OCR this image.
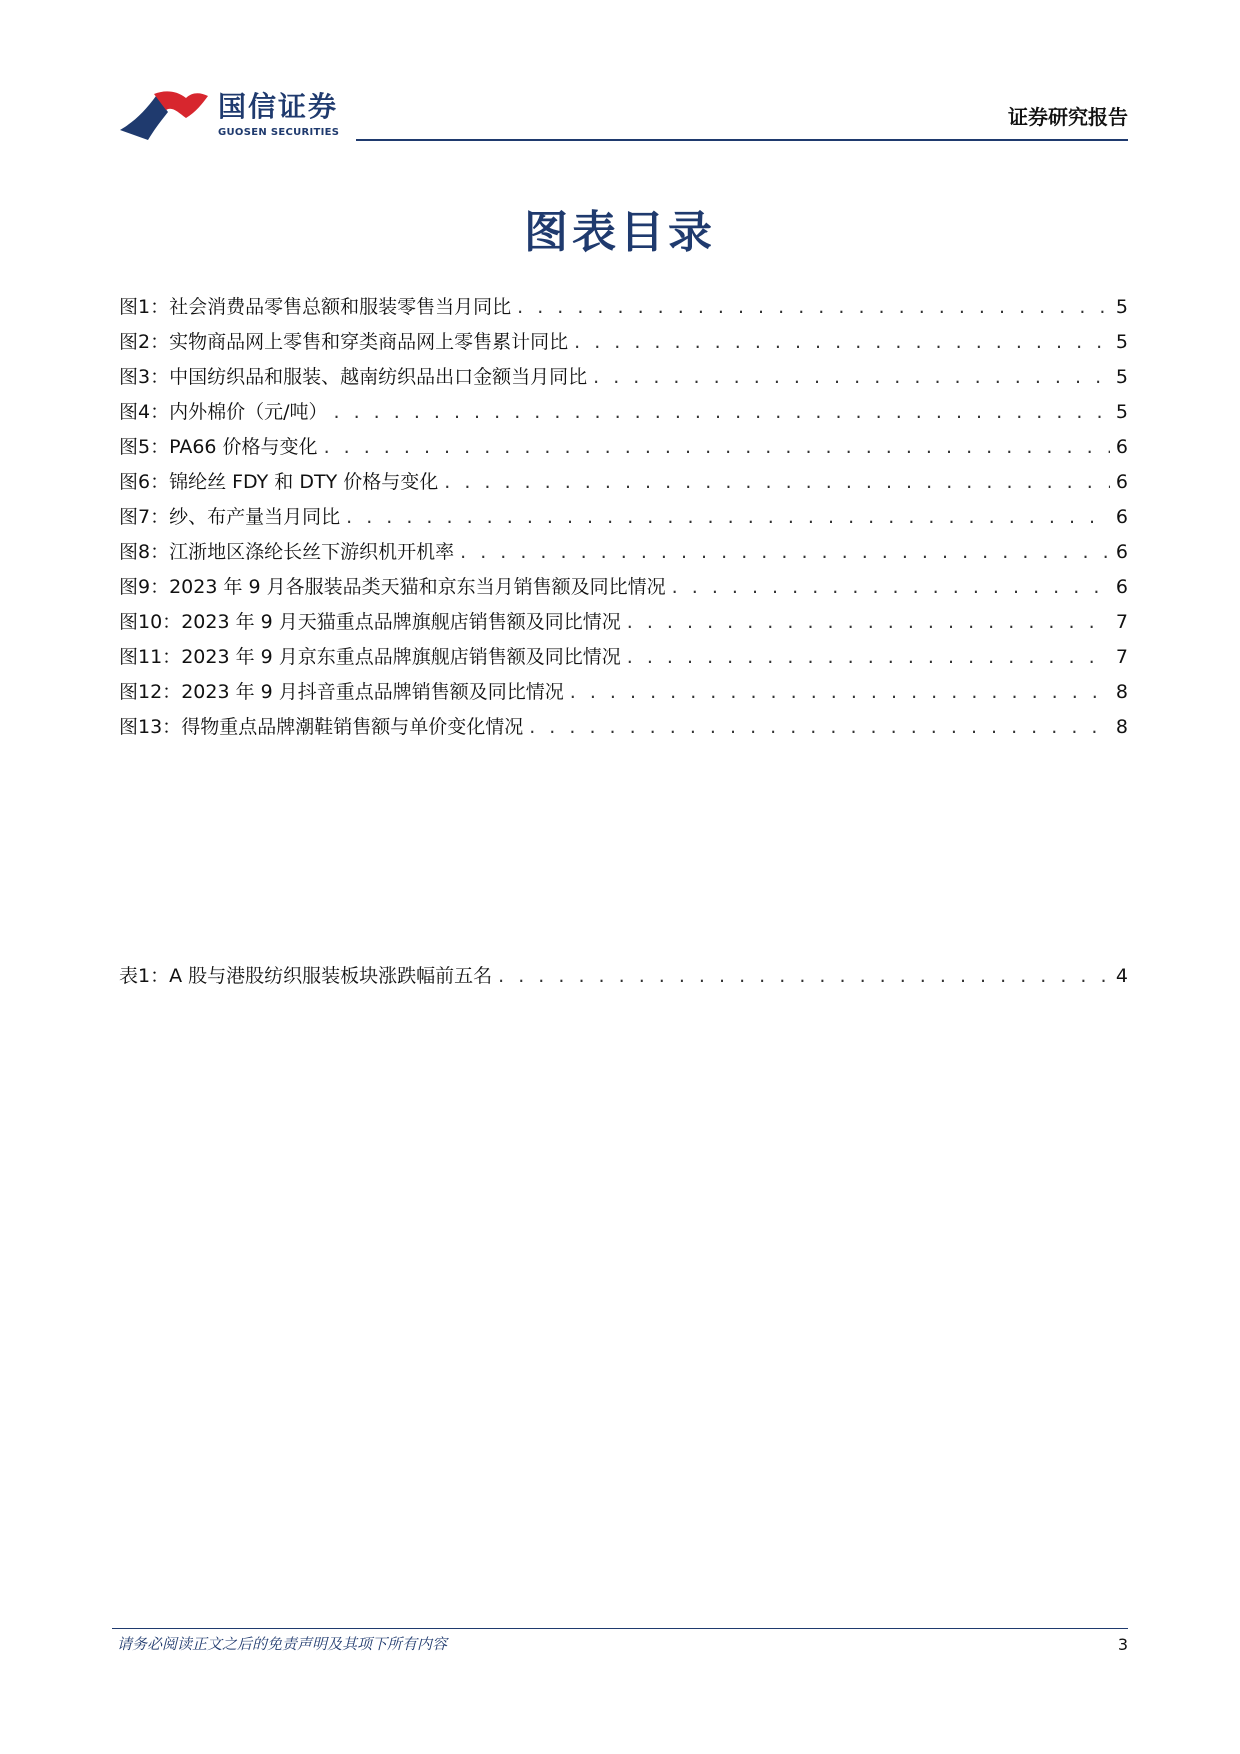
国信证券
GUOSEN SECURITIES
证券研究报告
图表目录
图1： 社会消费品零售总额和服装零售当月同比 . . .	5
图2： 实物商品网上零售和穿类商品网上零售累计同比 . . .	5
图3： 中国纺织品和服装、越南纺织品出口金额当月同比 . . .	5
图4： 内外棉价（元/吨） . . .	5
图5： PA66 价格与变化 . . .	6
图6： 锦纶丝 FDY 和 DTY 价格与变化 . . .	6
图7： 纱、布产量当月同比 . . .	6
图8： 江浙地区涤纶长丝下游织机开机率 . . .	6
图9： 2023 年 9 月各服装品类天猫和京东当月销售额及同比情况 . . .	6
图10： 2023 年 9 月天猫重点品牌旗舰店销售额及同比情况 . . .	7
图11： 2023 年 9 月京东重点品牌旗舰店销售额及同比情况 . . .	7
图12： 2023 年 9 月抖音重点品牌销售额及同比情况 . . .	8
图13： 得物重点品牌潮鞋销售额与单价变化情况 . . .	8
表1： A 股与港股纺织服装板块涨跌幅前五名 . . .	4
请务必阅读正文之后的免责声明及其项下所有内容	3
